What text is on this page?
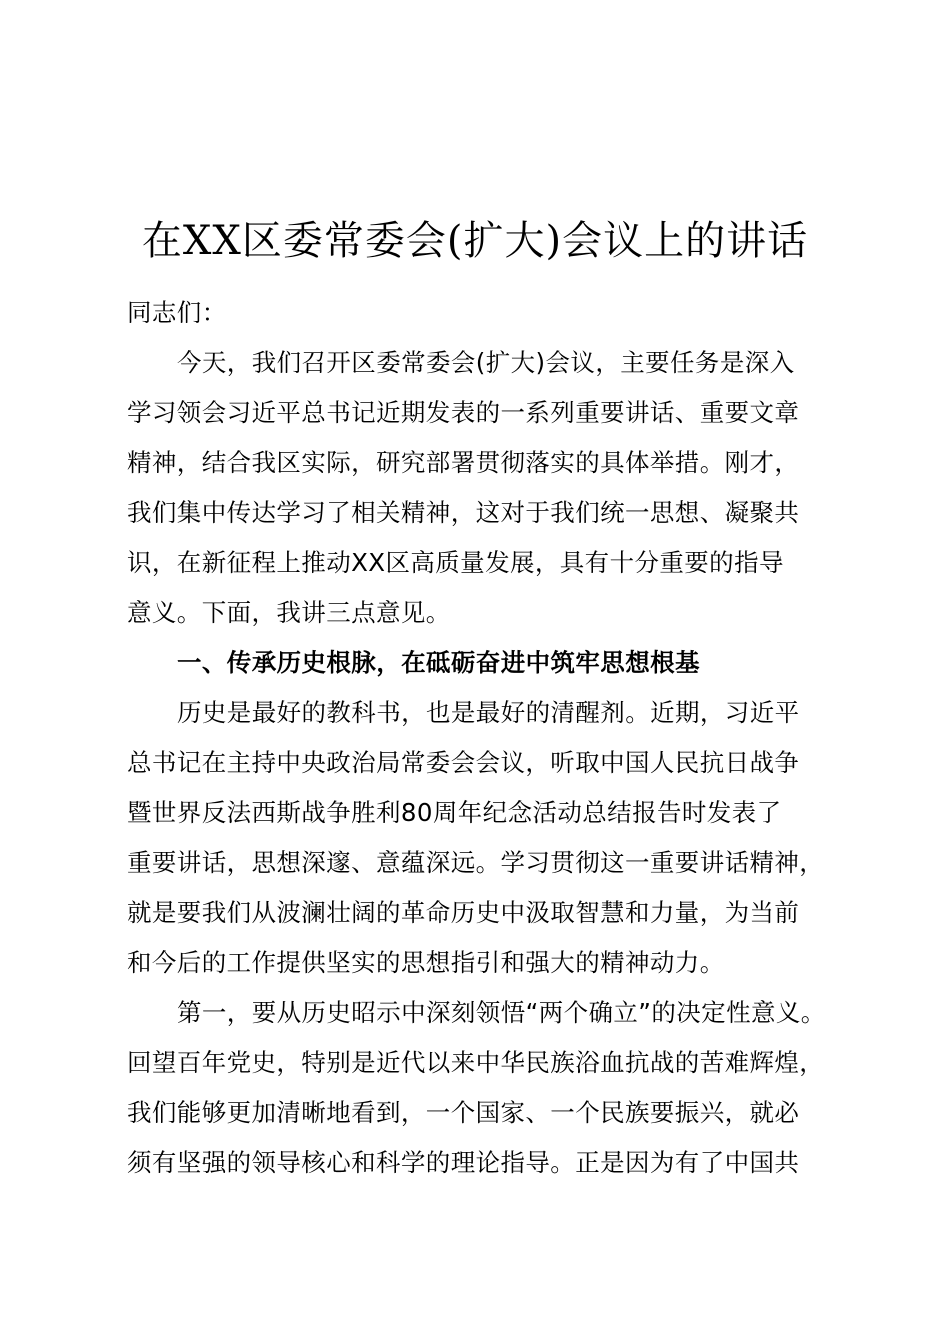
在XX区委常委会(扩大)会议上的讲话
同志们：
今天，我们召开区委常委会(扩大)会议，主要任务是深入
学习领会习近平总书记近期发表的一系列重要讲话、重要文章
精神，结合我区实际，研究部署贯彻落实的具体举措。刚才，
我们集中传达学习了相关精神，这对于我们统一思想、凝聚共
识，在新征程上推动XX区高质量发展，具有十分重要的指导
意义。下面，我讲三点意见。
一、传承历史根脉，在砥砺奋进中筑牢思想根基
历史是最好的教科书，也是最好的清醒剂。近期，习近平
总书记在主持中央政治局常委会会议，听取中国人民抗日战争
暨世界反法西斯战争胜利80周年纪念活动总结报告时发表了
重要讲话，思想深邃、意蕴深远。学习贯彻这一重要讲话精神，
就是要我们从波澜壮阔的革命历史中汲取智慧和力量，为当前
和今后的工作提供坚实的思想指引和强大的精神动力。
第一，要从历史昭示中深刻领悟“两个确立”的决定性意义。
回望百年党史，特别是近代以来中华民族浴血抗战的苦难辉煌，
我们能够更加清晰地看到，一个国家、一个民族要振兴，就必
须有坚强的领导核心和科学的理论指导。正是因为有了中国共
